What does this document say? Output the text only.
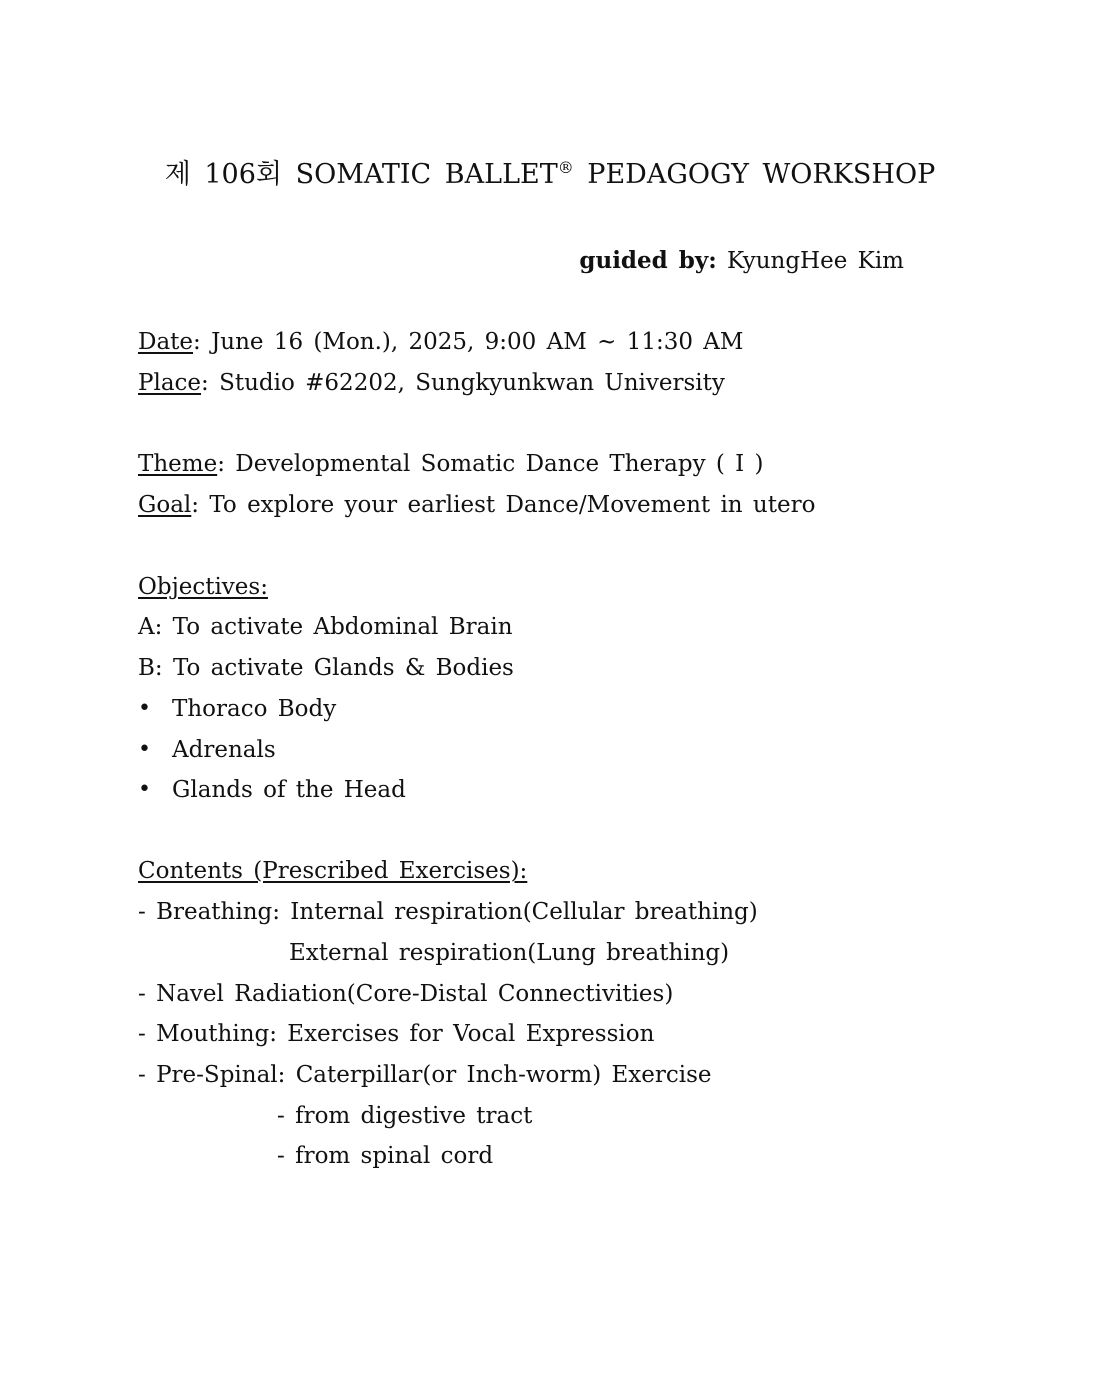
제 106회 SOMATIC BALLET® PEDAGOGY WORKSHOP
guided by: KyungHee Kim
Date: June 16 (Mon.), 2025, 9:00 AM ~ 11:30 AM
Place: Studio #62202, Sungkyunkwan University
Theme: Developmental Somatic Dance Therapy ( I )
Goal: To explore your earliest Dance/Movement in utero
Objectives:
A: To activate Abdominal Brain
B: To activate Glands & Bodies
• Thoraco Body
• Adrenals
• Glands of the Head
Contents (Prescribed Exercises):
- Breathing: Internal respiration(Cellular breathing)
External respiration(Lung breathing)
- Navel Radiation(Core-Distal Connectivities)
- Mouthing: Exercises for Vocal Expression
- Pre-Spinal: Caterpillar(or Inch-worm) Exercise
- from digestive tract
- from spinal cord
